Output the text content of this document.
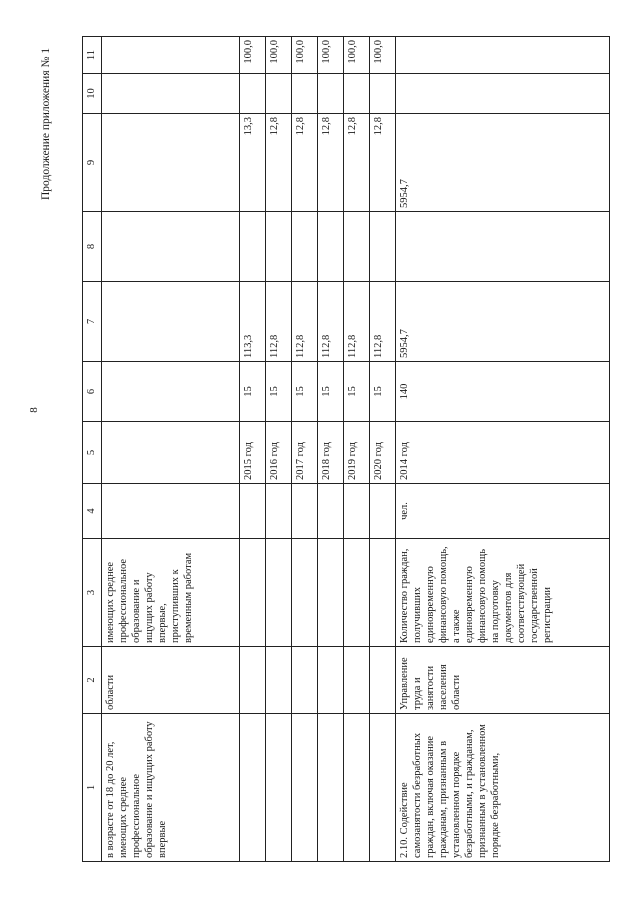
8
Продолжение приложения № 1
1	2	3	4	5	6	7	8	9	10	11
в возрасте от 18 до 20 лет, имеющих среднее профессиональное образование и ищущих работу впервые	области	имеющих среднее профессиональное образование и ищущих работу впервые, приступивших к временным работам								
				2015 год	15	113,3		13,3		100,0
				2016 год	15	112,8		12,8		100,0
				2017 год	15	112,8		12,8		100,0
				2018 год	15	112,8		12,8		100,0
				2019 год	15	112,8		12,8		100,0
				2020 год	15	112,8		12,8		100,0
2.10. Содействие самозанятости безработных граждан, включая оказание гражданам, признанным в установленном порядке безработными, и гражданам, признанным в установленном порядке безработными,	Управление труда и занятости населения области	Количество граждан, получивших единовременную финансовую помощь, а также единовременную финансовую помощь на подготовку документов для соответствующей государственной регистрации	чел.	2014 год	140	5954,7		5954,7		
